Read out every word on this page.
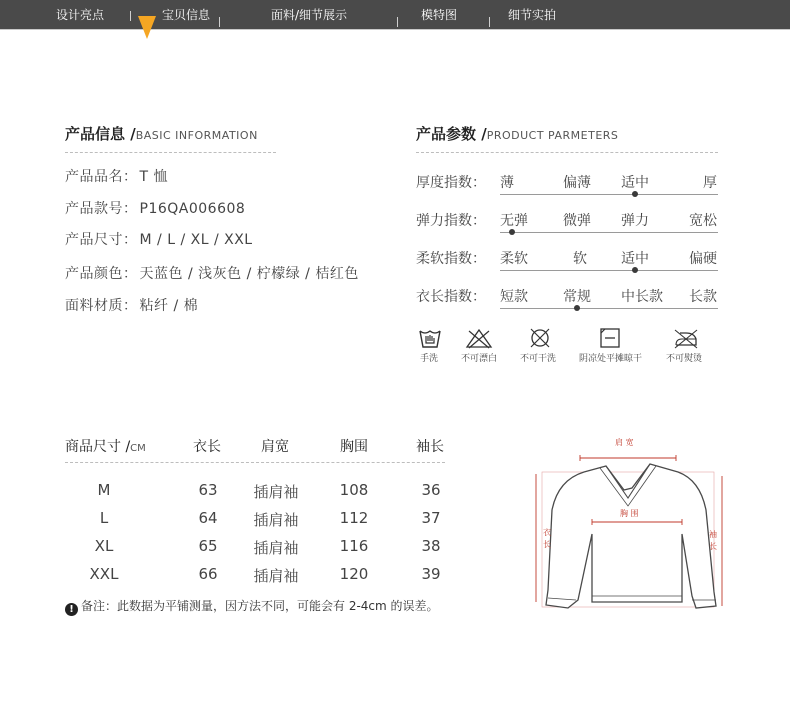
设计亮点	宝贝信息	面料/细节展示	模特图	细节实拍
产品信息 /BASIC INFORMATION
产品品名： T 恤
产品款号： P16QA006608
产品尺寸： M / L / XL / XXL
产品颜色： 天蓝色 / 浅灰色 / 柠檬绿 / 桔红色
面料材质： 粘纤 / 棉
产品参数 /PRODUCT PARMETERS
厚度指数： 薄	偏薄 适中	厚
弹力指数： 无弹	微弹 弹力	宽松
柔软指数： 柔软	软 适中	偏硬
衣长指数： 短款	常规 中长款 长款
手洗	不可漂白	不可干洗	阴凉处平摊晾干	不可熨烫
商品尺寸 /CM	衣长	肩宽	胸围	袖长
M	63	插肩袖	108	36
L	64	插肩袖	112	37
XL	65	插肩袖	116	38
XXL	66	插肩袖	120	39
! 备注：此数据为平铺测量，因方法不同，可能会有 2-4cm 的误差。
肩 宽
胸 围
衣
长
袖
长
